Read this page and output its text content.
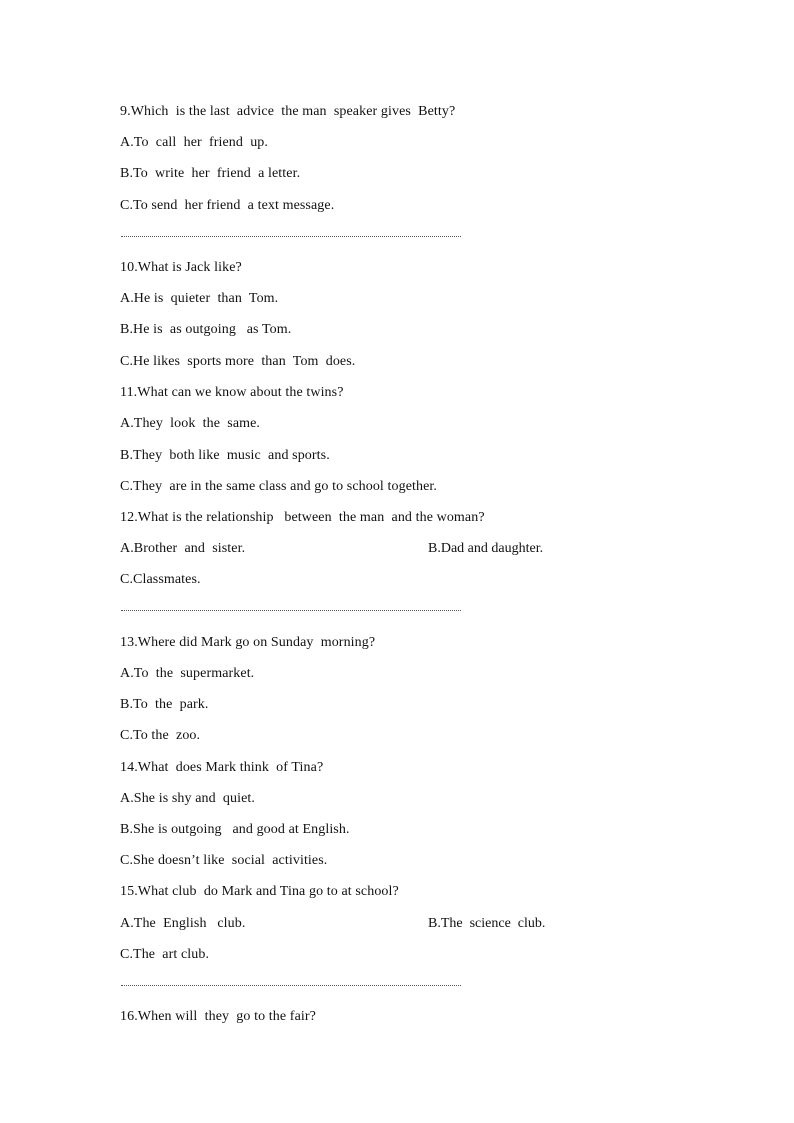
9.Which  is the last  advice  the man  speaker gives  Betty?
A.To  call  her  friend  up.
B.To  write  her  friend  a letter.
C.To send  her friend  a text message.
10.What is Jack like?
A.He is  quieter  than  Tom.
B.He is  as outgoing   as Tom.
C.He likes  sports more  than  Tom  does.
11.What can we know about the twins?
A.They  look  the  same.
B.They  both like  music  and sports.
C.They  are in the same class and go to school together.
12.What is the relationship   between  the man  and the woman?
A.Brother  and  sister.	B.Dad and daughter.
C.Classmates.
13.Where did Mark go on Sunday  morning?
A.To  the  supermarket.
B.To  the  park.
C.To the  zoo.
14.What  does Mark think  of Tina?
A.She is shy and  quiet.
B.She is outgoing   and good at English.
C.She doesn’t like  social  activities.
15.What club  do Mark and Tina go to at school?
A.The  English   club.	B.The  science  club.
C.The  art club.
16.When will  they  go to the fair?
